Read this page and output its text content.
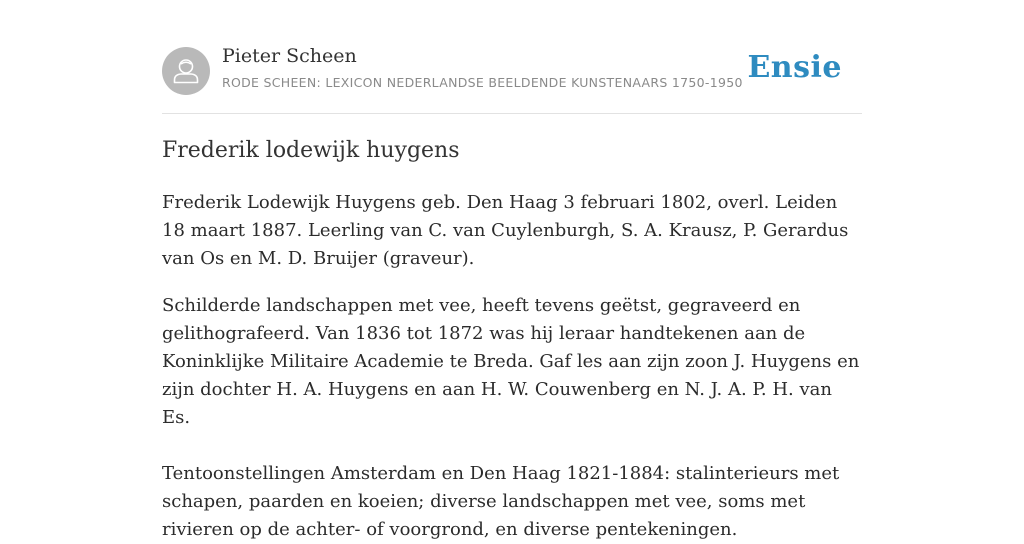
Pieter Scheen
RODE SCHEEN: LEXICON NEDERLANDSE BEELDENDE KUNSTENAARS 1750-1950 Ensie
Frederik lodewijk huygens

Frederik Lodewijk Huygens geb. Den Haag 3 februari 1802, overl. Leiden 18 maart 1887. Leerling van C. van Cuylenburgh, S. A. Krausz, P. Gerardus van Os en M. D. Bruijer (graveur).

Schilderde landschappen met vee, heeft tevens geëtst, gegraveerd en gelithografeerd. Van 1836 tot 1872 was hij leraar handtekenen aan de Koninklijke Militaire Academie te Breda. Gaf les aan zijn zoon J. Huygens en zijn dochter H. A. Huygens en aan H. W. Couwenberg en N. J. A. P. H. van Es.

Tentoonstellingen Amsterdam en Den Haag 1821-1884: stalinterieurs met schapen, paarden en koeien; diverse landschappen met vee, soms met rivieren op de achter- of voorgrond, en diverse pentekeningen.
